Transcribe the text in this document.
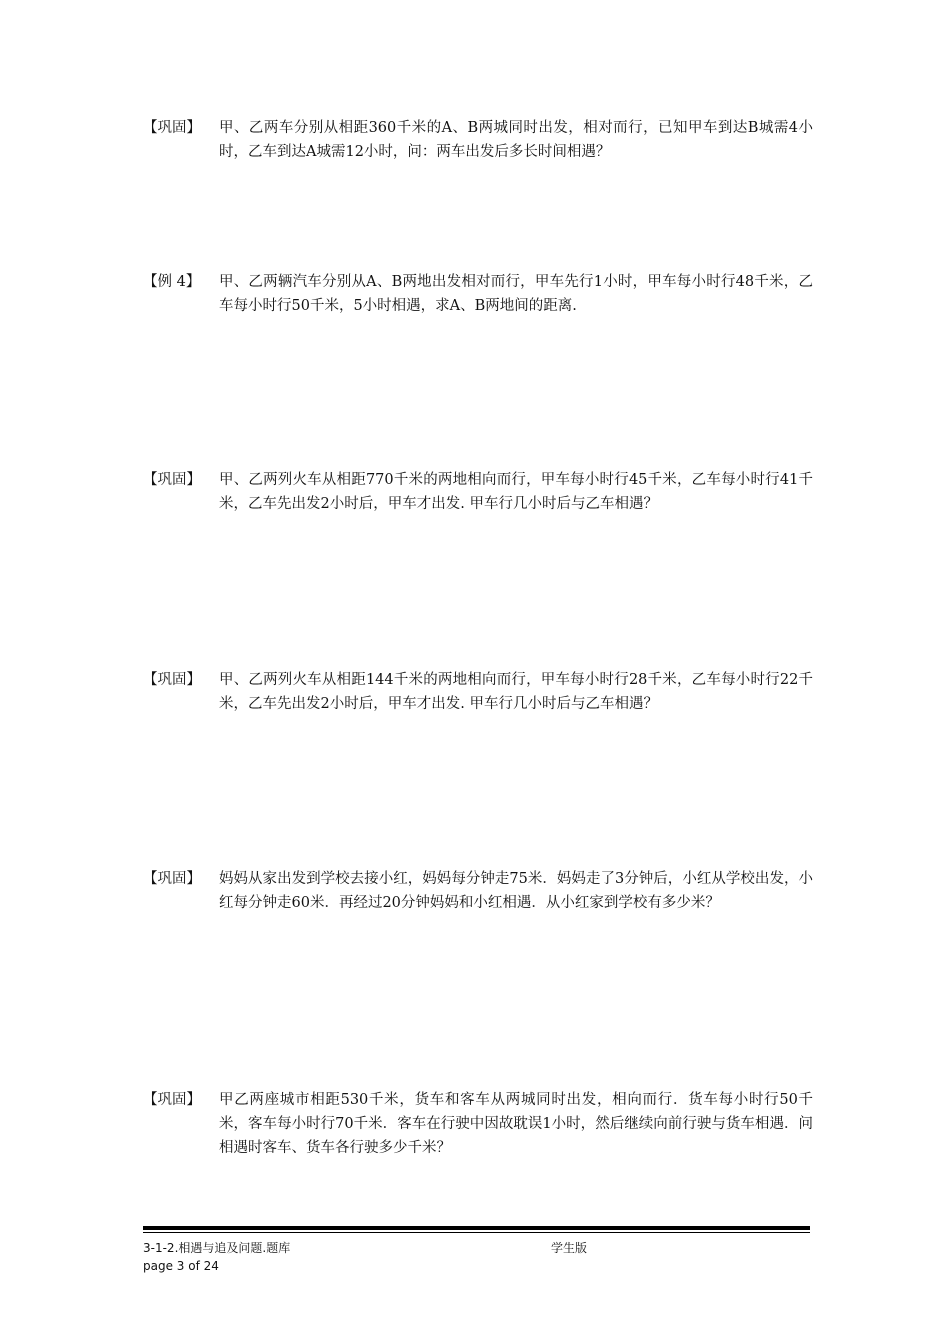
【巩固】 甲、乙两车分别从相距360千米的A、B两城同时出发，相对而行，已知甲车到达B城需4小时，乙车到达A城需12小时，问：两车出发后多长时间相遇？
【例 4】 甲、乙两辆汽车分别从A、B两地出发相对而行，甲车先行1小时，甲车每小时行48千米，乙车每小时行50千米，5小时相遇，求A、B两地间的距离.
【巩固】 甲、乙两列火车从相距770千米的两地相向而行，甲车每小时行45千米，乙车每小时行41千米，乙车先出发2小时后，甲车才出发. 甲车行几小时后与乙车相遇？
【巩固】 甲、乙两列火车从相距144千米的两地相向而行，甲车每小时行28千米，乙车每小时行22千米，乙车先出发2小时后，甲车才出发. 甲车行几小时后与乙车相遇？
【巩固】 妈妈从家出发到学校去接小红，妈妈每分钟走75米．妈妈走了3分钟后，小红从学校出发，小红每分钟走60米．再经过20分钟妈妈和小红相遇．从小红家到学校有多少米？
【巩固】 甲乙两座城市相距530千米，货车和客车从两城同时出发，相向而行．货车每小时行50千米，客车每小时行70千米．客车在行驶中因故耽误1小时，然后继续向前行驶与货车相遇．问相遇时客车、货车各行驶多少千米？
3-1-2.相遇与追及问题.题库	学生版
page 3 of 24
